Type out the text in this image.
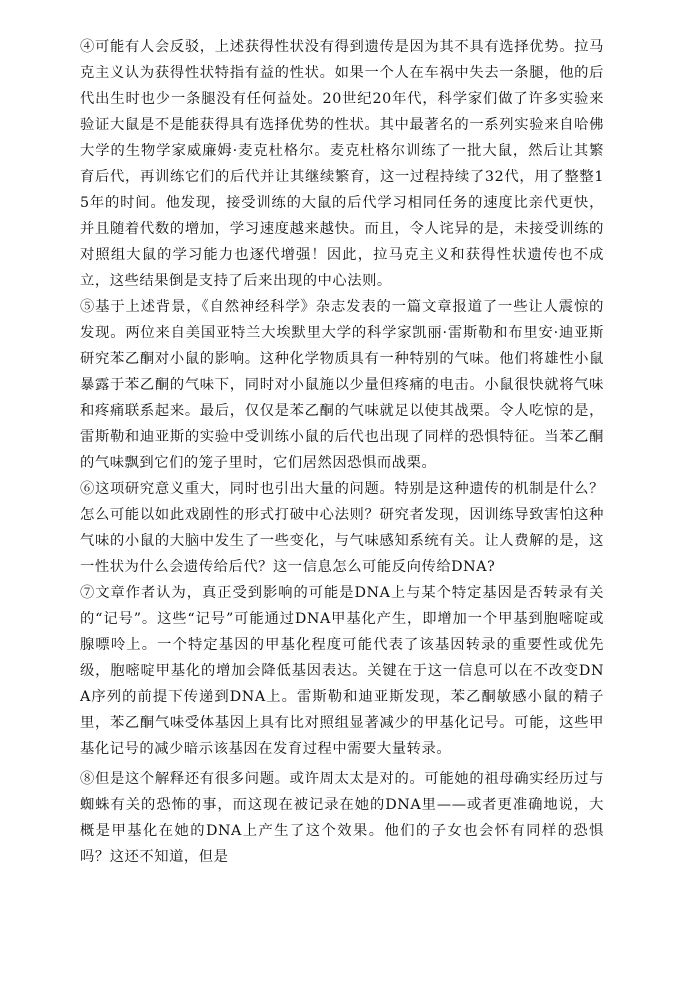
④可能有人会反驳，上述获得性状没有得到遗传是因为其不具有选择优势。拉马克主义认为获得性状特指有益的性状。如果一个人在车祸中失去一条腿，他的后代出生时也少一条腿没有任何益处。20世纪20年代，科学家们做了许多实验来验证大鼠是不是能获得具有选择优势的性状。其中最著名的一系列实验来自哈佛大学的生物学家威廉姆·麦克杜格尔。麦克杜格尔训练了一批大鼠，然后让其繁育后代，再训练它们的后代并让其继续繁育，这一过程持续了32代，用了整整15年的时间。他发现，接受训练的大鼠的后代学习相同任务的速度比亲代更快，并且随着代数的增加，学习速度越来越快。而且，令人诧异的是，未接受训练的对照组大鼠的学习能力也逐代增强！因此，拉马克主义和获得性状遗传也不成立，这些结果倒是支持了后来出现的中心法则。

⑤基于上述背景，《自然神经科学》杂志发表的一篇文章报道了一些让人震惊的发现。两位来自美国亚特兰大埃默里大学的科学家凯丽·雷斯勒和布里安·迪亚斯研究苯乙酮对小鼠的影响。这种化学物质具有一种特别的气味。他们将雄性小鼠暴露于苯乙酮的气味下，同时对小鼠施以少量但疼痛的电击。小鼠很快就将气味和疼痛联系起来。最后，仅仅是苯乙酮的气味就足以使其战栗。令人吃惊的是，雷斯勒和迪亚斯的实验中受训练小鼠的后代也出现了同样的恐惧特征。当苯乙酮的气味飘到它们的笼子里时，它们居然因恐惧而战栗。

⑥这项研究意义重大，同时也引出大量的问题。特别是这种遗传的机制是什么？怎么可能以如此戏剧性的形式打破中心法则？研究者发现，因训练导致害怕这种气味的小鼠的大脑中发生了一些变化，与气味感知系统有关。让人费解的是，这一性状为什么会遗传给后代？这一信息怎么可能反向传给DNA?

⑦文章作者认为，真正受到影响的可能是DNA上与某个特定基因是否转录有关的“记号”。这些“记号”可能通过DNA甲基化产生，即增加一个甲基到胞嘧啶或腺嘌呤上。一个特定基因的甲基化程度可能代表了该基因转录的重要性或优先级，胞嘧啶甲基化的增加会降低基因表达。关键在于这一信息可以在不改变DNA序列的前提下传递到DNA上。雷斯勒和迪亚斯发现，苯乙酮敏感小鼠的精子里，苯乙酮气味受体基因上具有比对照组显著减少的甲基化记号。可能，这些甲基化记号的减少暗示该基因在发育过程中需要大量转录。

⑧但是这个解释还有很多问题。或许周太太是对的。可能她的祖母确实经历过与蜘蛛有关的恐怖的事，而这现在被记录在她的DNA里——或者更准确地说，大概是甲基化在她的DNA上产生了这个效果。他们的子女也会怀有同样的恐惧吗？这还不知道，但是
